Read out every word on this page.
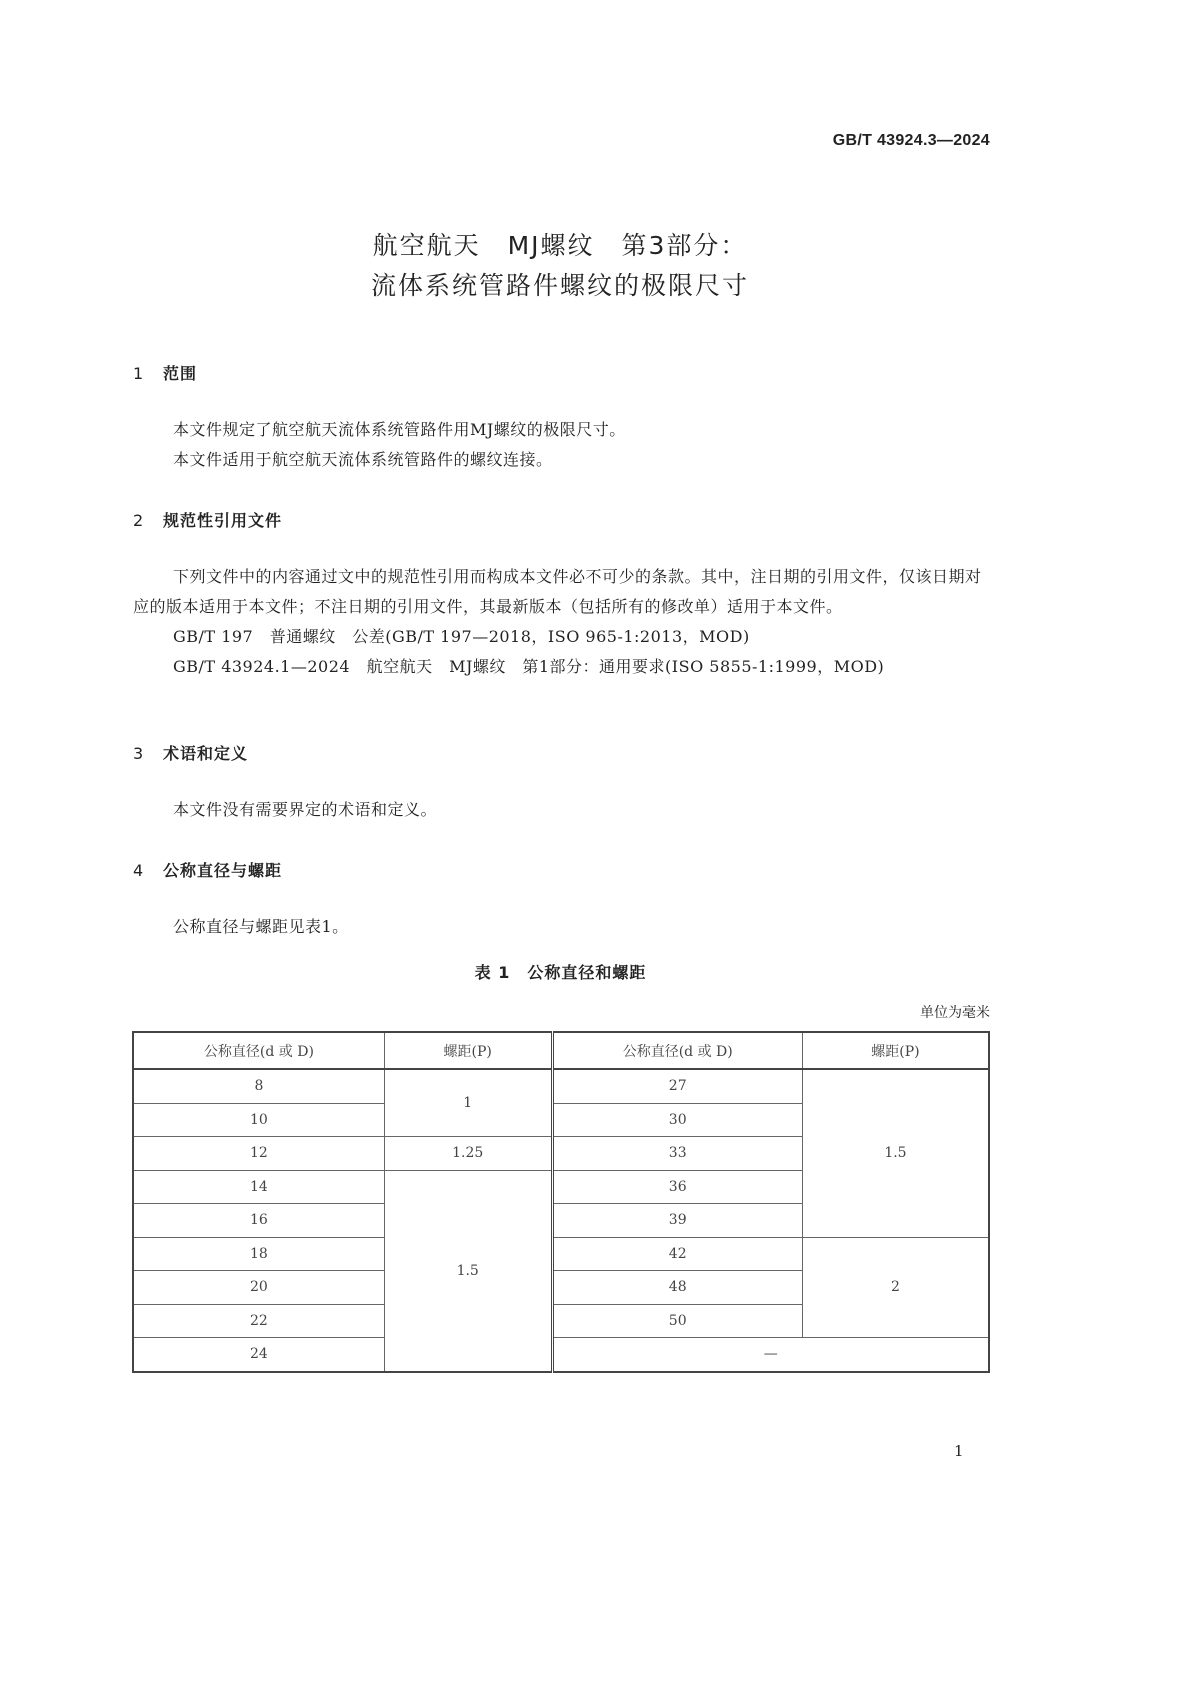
GB/T 43924.3—2024
航空航天　MJ螺纹　第3部分：
流体系统管路件螺纹的极限尺寸
1 范围
本文件规定了航空航天流体系统管路件用MJ螺纹的极限尺寸。
本文件适用于航空航天流体系统管路件的螺纹连接。
2 规范性引用文件
下列文件中的内容通过文中的规范性引用而构成本文件必不可少的条款。其中，注日期的引用文件，仅该日期对应的版本适用于本文件；不注日期的引用文件，其最新版本（包括所有的修改单）适用于本文件。
GB/T 197　普通螺纹　公差(GB/T 197—2018，ISO 965-1:2013，MOD)
GB/T 43924.1—2024　航空航天　MJ螺纹　第1部分：通用要求(ISO 5855-1:1999，MOD)
3 术语和定义
本文件没有需要界定的术语和定义。
4 公称直径与螺距
公称直径与螺距见表1。
表 1　公称直径和螺距
单位为毫米
公称直径(d 或 D)	螺距(P)	公称直径(d 或 D)	螺距(P)
8	1	27	1.5
10		30	
12	1.25	33	
14	1.5	36	
16		39	
18		42	2
20		48	
22		50	
24		—	
1
